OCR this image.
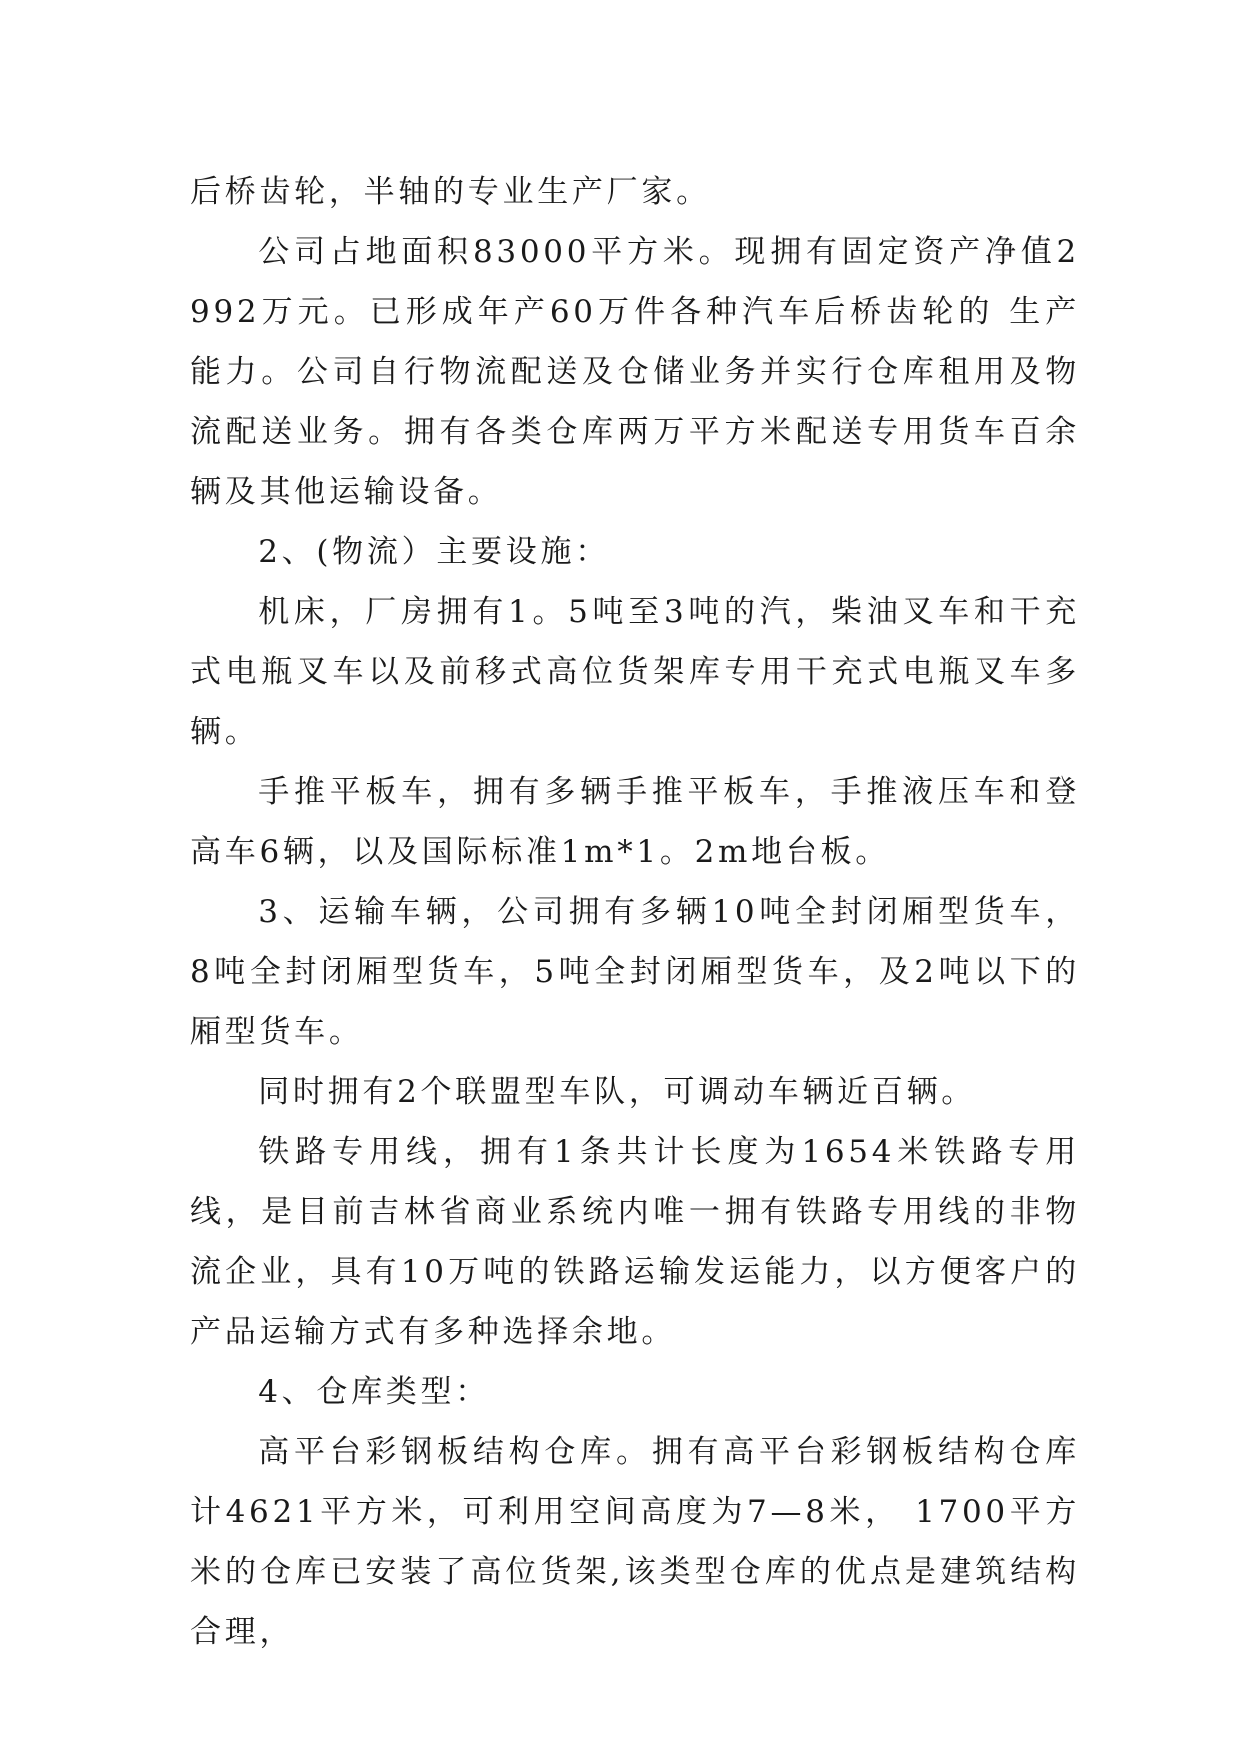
后桥齿轮，半轴的专业生产厂家。

公司占地面积83000平方米。现拥有固定资产净值2992万元。已形成年产60万件各种汽车后桥齿轮的 生产能力。公司自行物流配送及仓储业务并实行仓库租用及物流配送业务。拥有各类仓库两万平方米配送专用货车百余辆及其他运输设备。

2、(物流）主要设施：

机床，厂房拥有1。5吨至3吨的汽，柴油叉车和干充式电瓶叉车以及前移式高位货架库专用干充式电瓶叉车多辆。

手推平板车，拥有多辆手推平板车，手推液压车和登高车6辆，以及国际标准1m*1。2m地台板。

3、运输车辆，公司拥有多辆10吨全封闭厢型货车，8吨全封闭厢型货车，5吨全封闭厢型货车，及2吨以下的厢型货车。

同时拥有2个联盟型车队，可调动车辆近百辆。

铁路专用线，拥有1条共计长度为1654米铁路专用线，是目前吉林省商业系统内唯一拥有铁路专用线的非物流企业，具有10万吨的铁路运输发运能力，以方便客户的产品运输方式有多种选择余地。

4、仓库类型：

高平台彩钢板结构仓库。拥有高平台彩钢板结构仓库计4621平方米，可利用空间高度为7—8米， 1700平方米的仓库已安装了高位货架,该类型仓库的优点是建筑结构合理，
